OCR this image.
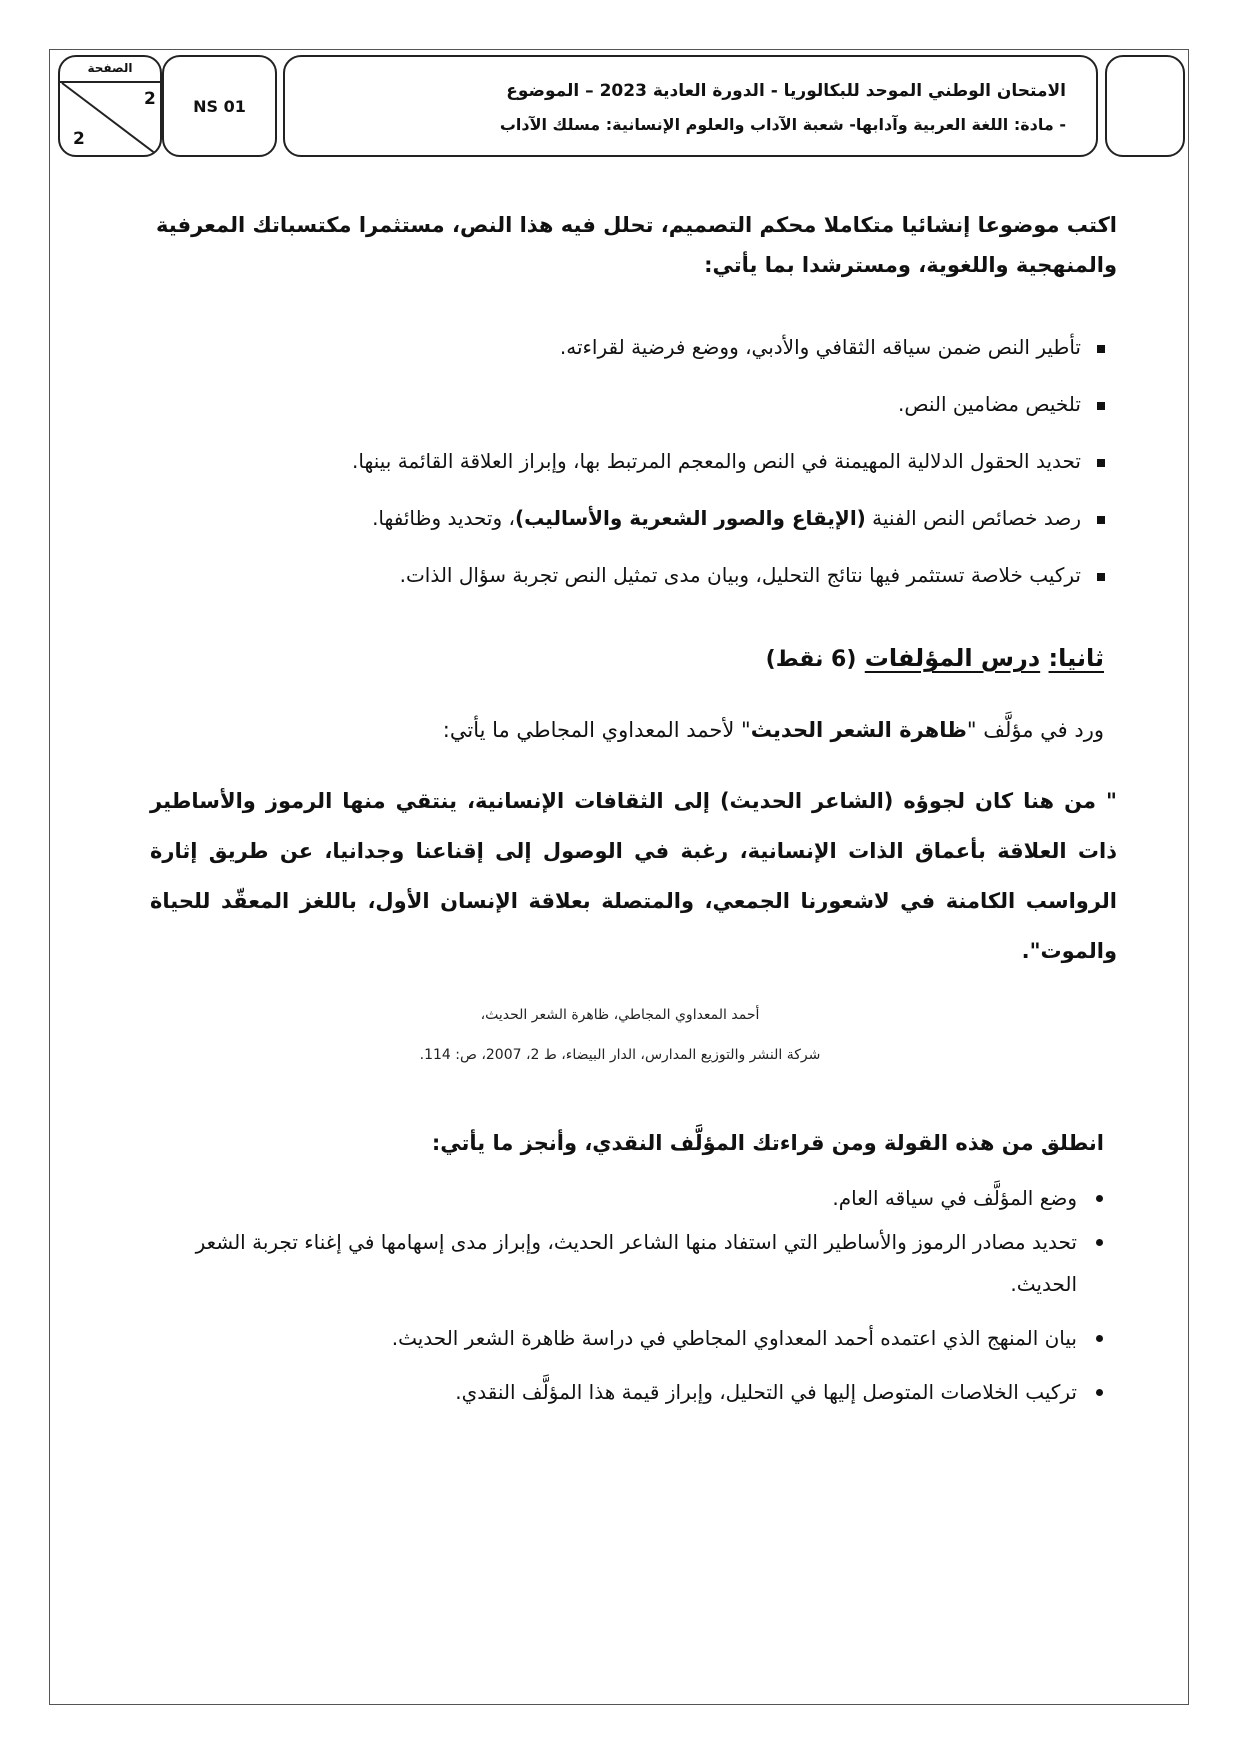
الامتحان الوطني الموحد للبكالوريا - الدورة العادية 2023 – الموضوع
- مادة: اللغة العربية وآدابها- شعبة الآداب والعلوم الإنسانية: مسلك الآداب
NS 01
الصفحة
2
2
اكتب موضوعا إنشائيا متكاملا محكم التصميم، تحلل فيه هذا النص، مستثمرا مكتسباتك المعرفية والمنهجية واللغوية، ومسترشدا بما يأتي:
تأطير النص ضمن سياقه الثقافي والأدبي، ووضع فرضية لقراءته.
تلخيص مضامين النص.
تحديد الحقول الدلالية المهيمنة في النص والمعجم المرتبط بها، وإبراز العلاقة القائمة بينها.
رصد خصائص النص الفنية (الإيقاع والصور الشعرية والأساليب)، وتحديد وظائفها.
تركيب خلاصة تستثمر فيها نتائج التحليل، وبيان مدى تمثيل النص تجربة سؤال الذات.
ثانيا: درس المؤلفات (6 نقط)
ورد في مؤلَّف "ظاهرة الشعر الحديث" لأحمد المعداوي المجاطي ما يأتي:
" من هنا كان لجوؤه (الشاعر الحديث) إلى الثقافات الإنسانية، ينتقي منها الرموز والأساطير ذات العلاقة بأعماق الذات الإنسانية، رغبة في الوصول إلى إقناعنا وجدانيا، عن طريق إثارة الرواسب الكامنة في لاشعورنا الجمعي، والمتصلة بعلاقة الإنسان الأول، باللغز المعقّد للحياة والموت".
أحمد المعداوي المجاطي، ظاهرة الشعر الحديث،
شركة النشر والتوزيع المدارس، الدار البيضاء، ط 2، 2007، ص: 114.
انطلق من هذه القولة ومن قراءتك المؤلَّف النقدي، وأنجز ما يأتي:
وضع المؤلَّف في سياقه العام.
تحديد مصادر الرموز والأساطير التي استفاد منها الشاعر الحديث، وإبراز مدى إسهامها في إغناء تجربة الشعر الحديث.
بيان المنهج الذي اعتمده أحمد المعداوي المجاطي في دراسة ظاهرة الشعر الحديث.
تركيب الخلاصات المتوصل إليها في التحليل، وإبراز قيمة هذا المؤلَّف النقدي.
